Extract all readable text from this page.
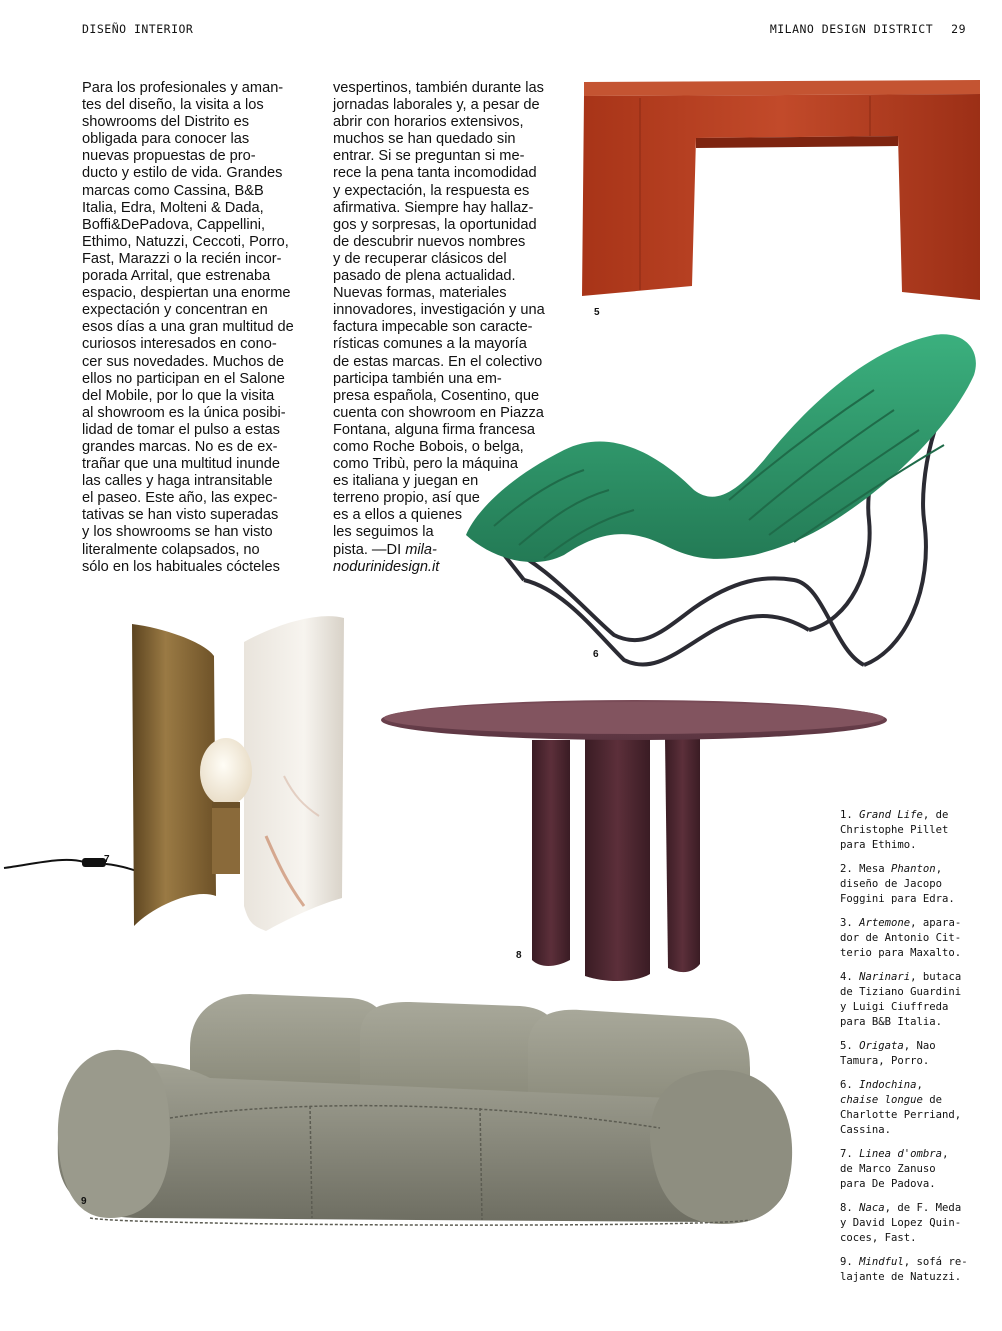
DISEÑO INTERIOR	MILANO DESIGN DISTRICT 29
Para los profesionales y aman-
tes del diseño, la visita a los
showrooms del Distrito es
obligada para conocer las
nuevas propuestas de pro-
ducto y estilo de vida. Grandes
marcas como Cassina, B&B
Italia, Edra, Molteni & Dada,
Boffi&DePadova, Cappellini,
Ethimo, Natuzzi, Ceccoti, Porro,
Fast, Marazzi o la recién incor-
porada Arrital, que estrenaba
espacio, despiertan una enorme
expectación y concentran en
esos días a una gran multitud de
curiosos interesados en cono-
cer sus novedades. Muchos de
ellos no participan en el Salone
del Mobile, por lo que la visita
al showroom es la única posibi-
lidad de tomar el pulso a estas
grandes marcas. No es de ex-
trañar que una multitud inunde
las calles y haga intransitable
el paseo. Este año, las expec-
tativas se han visto superadas
y los showrooms se han visto
literalmente colapsados, no
sólo en los habituales cócteles
vespertinos, también durante las
jornadas laborales y, a pesar de
abrir con horarios extensivos,
muchos se han quedado sin
entrar. Si se preguntan si me-
rece la pena tanta incomodidad
y expectación, la respuesta es
afirmativa. Siempre hay hallaz-
gos y sorpresas, la oportunidad
de descubrir nuevos nombres
y de recuperar clásicos del
pasado de plena actualidad.
Nuevas formas, materiales
innovadores, investigación y una
factura impecable son caracte-
rísticas comunes a la mayoría
de estas marcas. En el colectivo
participa también una em-
presa española, Cosentino, que
cuenta con showroom en Piazza
Fontana, alguna firma francesa
como Roche Bobois, o belga,
como Tribù, pero la máquina
es italiana y juegan en
terreno propio, así que
es a ellos a quienes
les seguimos la
pista. —DI mila-
nodurinidesign.it
5
6
7
8
9
1. Grand Life, de
Christophe Pillet
para Ethimo.
2. Mesa Phanton,
diseño de Jacopo
Foggini para Edra.
3. Artemone, apara-
dor de Antonio Cit-
terio para Maxalto.
4. Narinari, butaca
de Tiziano Guardini
y Luigi Ciuffreda
para B&B Italia.
5. Origata, Nao
Tamura, Porro.
6. Indochina,
chaise longue de
Charlotte Perriand,
Cassina.
7. Linea d'ombra,
de Marco Zanuso
para De Padova.
8. Naca, de F. Meda
y David Lopez Quin-
coces, Fast.
9. Mindful, sofá re-
lajante de Natuzzi.
